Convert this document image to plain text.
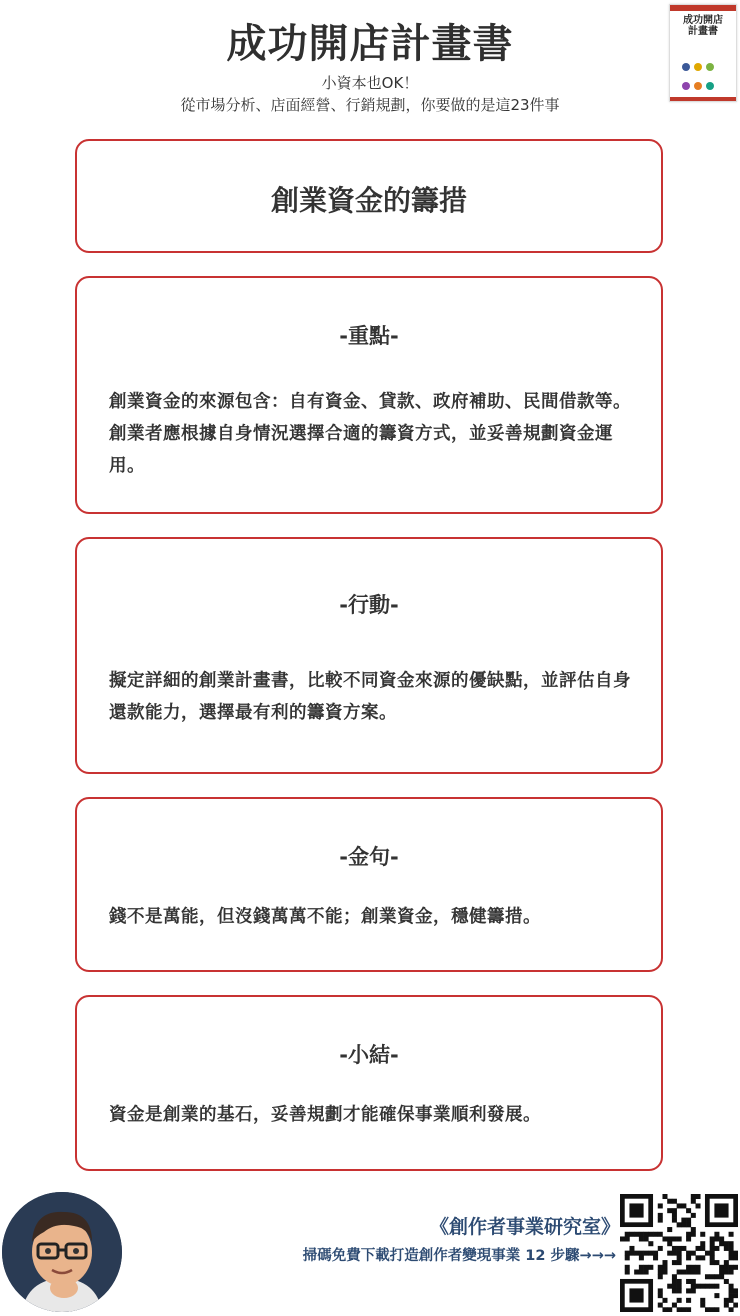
成功開店計畫書
小資本也OK！
從市場分析、店面經營、行銷規劃，你要做的是這23件事
成功開店
計畫書

創業資金的籌措
-重點-
創業資金的來源包含：自有資金、貸款、政府補助、民間借款等。創業者應根據自身情況選擇合適的籌資方式，並妥善規劃資金運用。
-行動-
擬定詳細的創業計畫書，比較不同資金來源的優缺點，並評估自身還款能力，選擇最有利的籌資方案。
-金句-
錢不是萬能，但沒錢萬萬不能；創業資金，穩健籌措。
-小結-
資金是創業的基石，妥善規劃才能確保事業順利發展。
《創作者事業研究室》
掃碼免費下載打造創作者變現事業 12 步驟→→→
